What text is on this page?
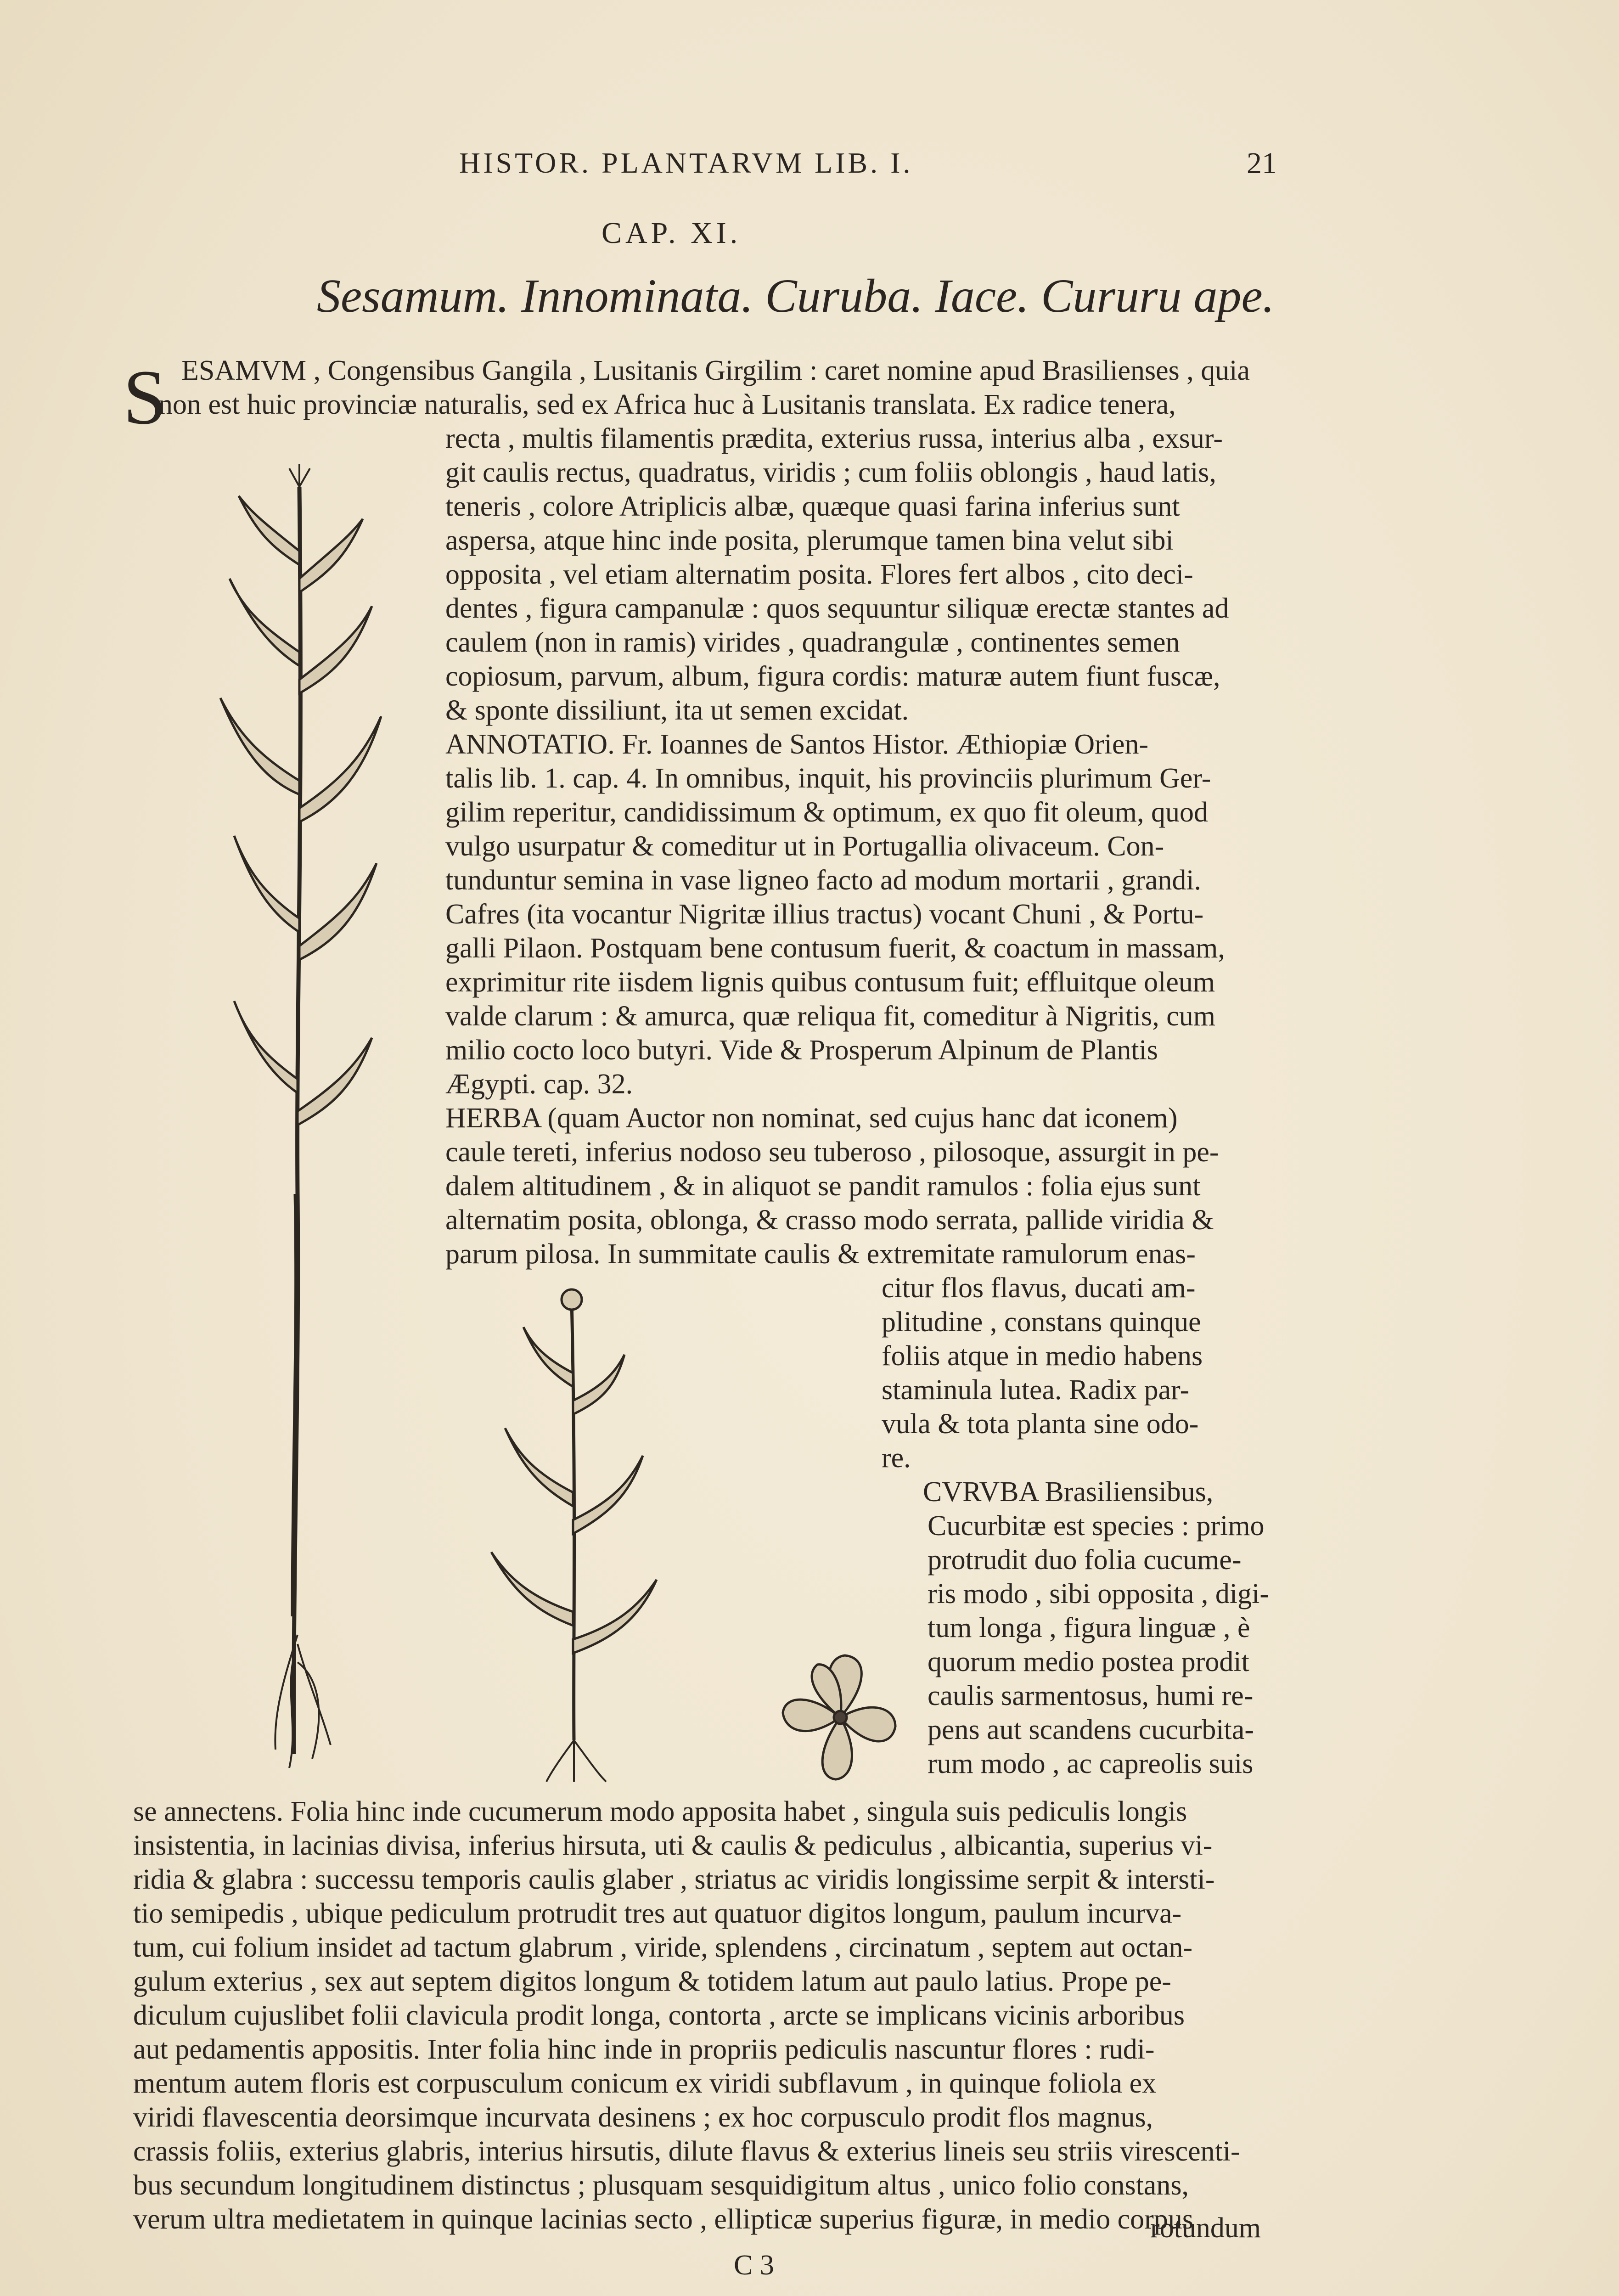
HISTOR. PLANTARVM LIB. I.	21
CAP. XI.
Sesamum. Innominata. Curuba. Iace. Cururu ape.
S ESAMVM , Congensibus Gangila , Lusitanis Girgilim : caret nomine apud Brasilienses , quia
non est huic provinciæ naturalis, sed ex Africa huc à Lusitanis translata. Ex radice tenera,
recta , multis filamentis prædita, exterius russa, interius alba , exsur-
git caulis rectus, quadratus, viridis ; cum foliis oblongis , haud latis,
teneris , colore Atriplicis albæ, quæque quasi farina inferius sunt
aspersa, atque hinc inde posita, plerumque tamen bina velut sibi
opposita , vel etiam alternatim posita. Flores fert albos , cito deci-
dentes , figura campanulæ : quos sequuntur siliquæ erectæ stantes ad
caulem (non in ramis) virides , quadrangulæ , continentes semen
copiosum, parvum, album, figura cordis: maturæ autem fiunt fuscæ,
& sponte dissiliunt, ita ut semen excidat.
ANNOTATIO. Fr. Ioannes de Santos Histor. Æthiopiæ Orien-
talis lib. 1. cap. 4. In omnibus, inquit, his provinciis plurimum Ger-
gilim reperitur, candidissimum & optimum, ex quo fit oleum, quod
vulgo usurpatur & comeditur ut in Portugallia olivaceum. Con-
tunduntur semina in vase ligneo facto ad modum mortarii , grandi.
Cafres (ita vocantur Nigritæ illius tractus) vocant Chuni , & Portu-
galli Pilaon. Postquam bene contusum fuerit, & coactum in massam,
exprimitur rite iisdem lignis quibus contusum fuit; effluitque oleum
valde clarum : & amurca, quæ reliqua fit, comeditur à Nigritis, cum
milio cocto loco butyri. Vide & Prosperum Alpinum de Plantis
Ægypti. cap. 32.
HERBA (quam Auctor non nominat, sed cujus hanc dat iconem)
caule tereti, inferius nodoso seu tuberoso , pilosoque, assurgit in pe-
dalem altitudinem , & in aliquot se pandit ramulos : folia ejus sunt
alternatim posita, oblonga, & crasso modo serrata, pallide viridia &
parum pilosa. In summitate caulis & extremitate ramulorum enas-
citur flos flavus, ducati am-
plitudine , constans quinque
foliis atque in medio habens
staminula lutea. Radix par-
vula & tota planta sine odo-
re.
CVRVBA Brasiliensibus,
Cucurbitæ est species : primo
protrudit duo folia cucume-
ris modo , sibi opposita , digi-
tum longa , figura linguæ , è
quorum medio postea prodit
caulis sarmentosus, humi re-
pens aut scandens cucurbita-
rum modo , ac capreolis suis
se annectens. Folia hinc inde cucumerum modo apposita habet , singula suis pediculis longis
insistentia, in lacinias divisa, inferius hirsuta, uti & caulis & pediculus , albicantia, superius vi-
ridia & glabra : successu temporis caulis glaber , striatus ac viridis longissime serpit & intersti-
tio semipedis , ubique pediculum protrudit tres aut quatuor digitos longum, paulum incurva-
tum, cui folium insidet ad tactum glabrum , viride, splendens , circinatum , septem aut octan-
gulum exterius , sex aut septem digitos longum & totidem latum aut paulo latius. Prope pe-
diculum cujuslibet folii clavicula prodit longa, contorta , arcte se implicans vicinis arboribus
aut pedamentis appositis. Inter folia hinc inde in propriis pediculis nascuntur flores : rudi-
mentum autem floris est corpusculum conicum ex viridi subflavum , in quinque foliola ex
viridi flavescentia deorsimque incurvata desinens ; ex hoc corpusculo prodit flos magnus,
crassis foliis, exterius glabris, interius hirsutis, dilute flavus & exterius lineis seu striis virescenti-
bus secundum longitudinem distinctus ; plusquam sesquidigitum altus , unico folio constans,
verum ultra medietatem in quinque lacinias secto , ellipticæ superius figuræ, in medio corpus
rotundum
C 3
